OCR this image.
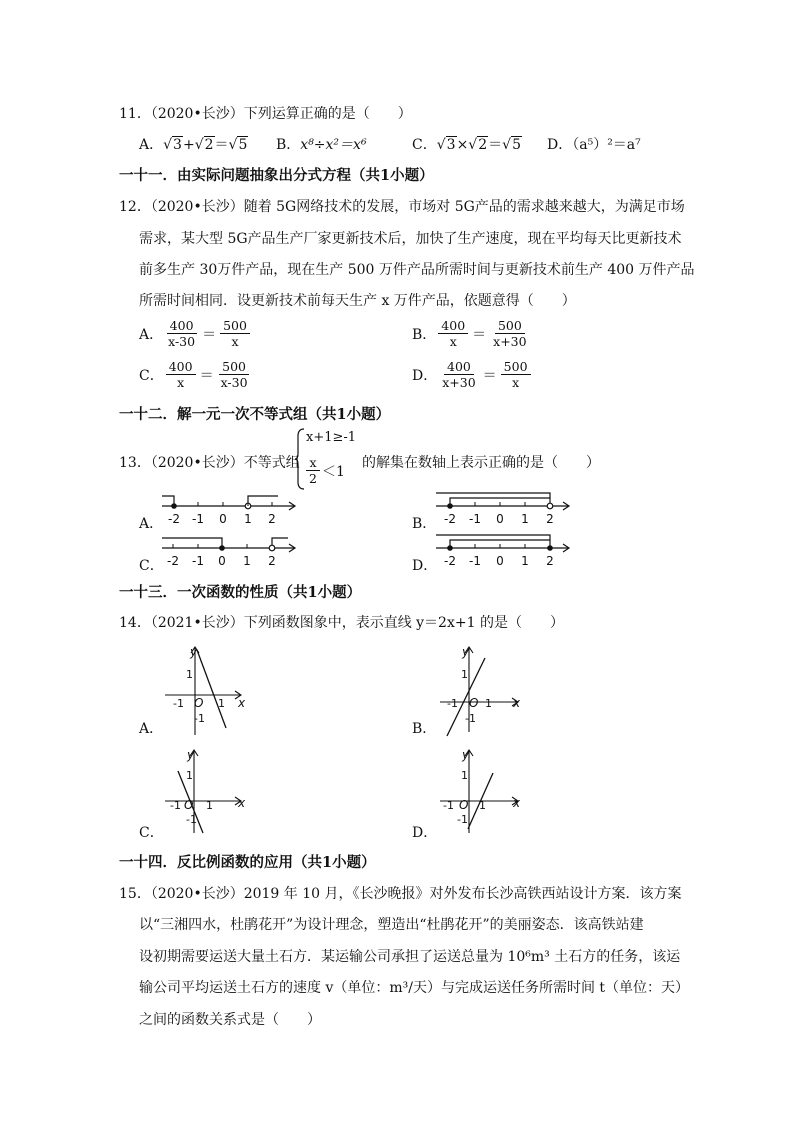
11．（2020•长沙）下列运算正确的是（　　）
A．√3+√2＝√5 B．x⁸÷x²＝x⁶	C．√3×√2＝√5 D．（a⁵）²＝a⁷
一十一．由实际问题抽象出分式方程（共1小题）
12．（2020•长沙）随着 5G网络技术的发展，市场对 5G产品的需求越来越大，为满足市场
需求，某大型 5G产品生产厂家更新技术后，加快了生产速度，现在平均每天比更新技术
前多生产 30万件产品，现在生产 500 万件产品所需时间与更新技术前生产 400 万件产品
所需时间相同．设更新技术前每天生产 x 万件产品，依题意得（　　）
A． $\frac{400}{x-30} = \frac{500}{x}$	B． $\frac{400}{x} = \frac{500}{x+30}$
C． $\frac{400}{x} = \frac{500}{x-30}$	D． $\frac{400}{x+30} = \frac{500}{x}$
一十二．解一元一次不等式组（共1小题）
13．（2020•长沙）不等式组
x+1≥-1
$\frac{x}{2} <1$
的解集在数轴上表示正确的是（　　）
A． -2 -1 0 1 2	B． -2 -1 0 1 2
C． -2 -1 0 1 2	D． -2 -1 0 1 2
一十三．一次函数的性质（共1小题）
14．（2021•长沙）下列函数图象中，表示直线 y＝2x+1 的是（　　）
A．
y
x
O
1
-1	1
-1
B．
y
x
O
1
-1 1
-1
C．
y
x
O
1
-1 1
-1
D．
y
x
O
1
-1 1
-1
一十四．反比例函数的应用（共1小题）
15．（2020•长沙）2019 年 10 月，《长沙晚报》对外发布长沙高铁西站设计方案．该方案
以“三湘四水，杜鹃花开”为设计理念，塑造出“杜鹃花开”的美丽姿态．该高铁站建
设初期需要运送大量土石方．某运输公司承担了运送总量为 10⁶m³ 土石方的任务，该运
输公司平均运送土石方的速度 v（单位：m³/天）与完成运送任务所需时间 t（单位：天）
之间的函数关系式是（　　）
